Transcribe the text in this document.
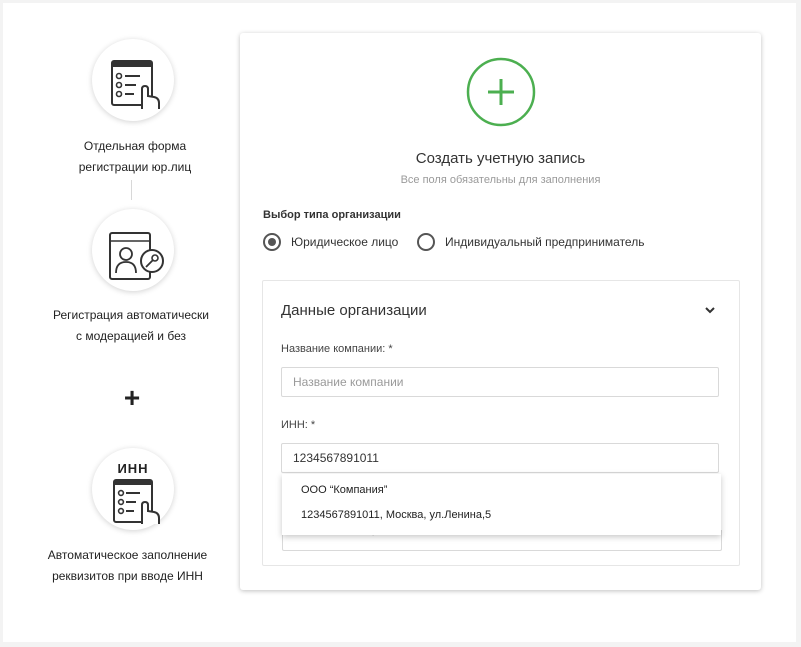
Отдельная форма
регистрации юр.лиц
Регистрация автоматически
с модерацией и без
+
ИНН
Автоматическое заполнение
реквизитов при вводе ИНН
Создать учетную запись
Все поля обязательны для заполнения
Выбор типа организации
Юридическое лицо	Индивидуальный предприниматель
Данные организации
Название компании: *
Название компании
ИНН: *
1234567891011
ООО “Компания”
1234567891011, Москва, ул.Ленина,5
